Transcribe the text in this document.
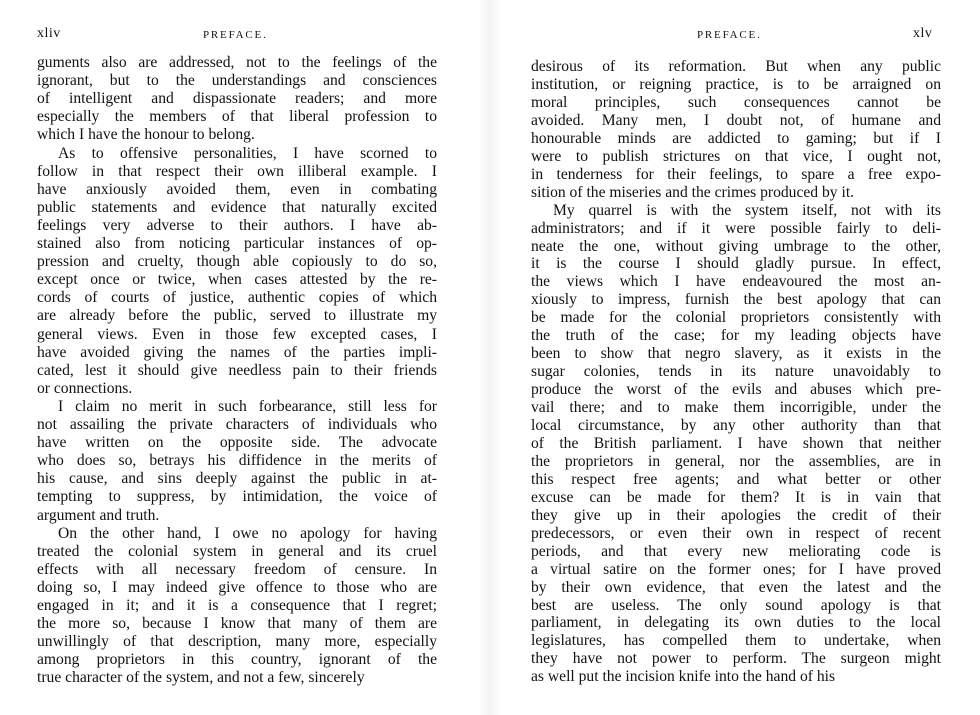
xliv	PREFACE.
guments also are addressed, not to the feelings of the
ignorant, but to the understandings and consciences
of intelligent and dispassionate readers; and more
especially the members of that liberal profession to
which I have the honour to belong.
As to offensive personalities, I have scorned to
follow in that respect their own illiberal example. I
have anxiously avoided them, even in combating
public statements and evidence that naturally excited
feelings very adverse to their authors. I have ab-
stained also from noticing particular instances of op-
pression and cruelty, though able copiously to do so,
except once or twice, when cases attested by the re-
cords of courts of justice, authentic copies of which
are already before the public, served to illustrate my
general views. Even in those few excepted cases, I
have avoided giving the names of the parties impli-
cated, lest it should give needless pain to their friends
or connections.
I claim no merit in such forbearance, still less for
not assailing the private characters of individuals who
have written on the opposite side. The advocate
who does so, betrays his diffidence in the merits of
his cause, and sins deeply against the public in at-
tempting to suppress, by intimidation, the voice of
argument and truth.
On the other hand, I owe no apology for having
treated the colonial system in general and its cruel
effects with all necessary freedom of censure. In
doing so, I may indeed give offence to those who are
engaged in it; and it is a consequence that I regret;
the more so, because I know that many of them are
unwillingly of that description, many more, especially
among proprietors in this country, ignorant of the
true character of the system, and not a few, sincerely
PREFACE.	xlv
desirous of its reformation. But when any public
institution, or reigning practice, is to be arraigned on
moral principles, such consequences cannot be
avoided. Many men, I doubt not, of humane and
honourable minds are addicted to gaming; but if I
were to publish strictures on that vice, I ought not,
in tenderness for their feelings, to spare a free expo-
sition of the miseries and the crimes produced by it.
My quarrel is with the system itself, not with its
administrators; and if it were possible fairly to deli-
neate the one, without giving umbrage to the other,
it is the course I should gladly pursue. In effect,
the views which I have endeavoured the most an-
xiously to impress, furnish the best apology that can
be made for the colonial proprietors consistently with
the truth of the case; for my leading objects have
been to show that negro slavery, as it exists in the
sugar colonies, tends in its nature unavoidably to
produce the worst of the evils and abuses which pre-
vail there; and to make them incorrigible, under the
local circumstance, by any other authority than that
of the British parliament. I have shown that neither
the proprietors in general, nor the assemblies, are in
this respect free agents; and what better or other
excuse can be made for them? It is in vain that
they give up in their apologies the credit of their
predecessors, or even their own in respect of recent
periods, and that every new meliorating code is
a virtual satire on the former ones; for I have proved
by their own evidence, that even the latest and the
best are useless. The only sound apology is that
parliament, in delegating its own duties to the local
legislatures, has compelled them to undertake, when
they have not power to perform. The surgeon might
as well put the incision knife into the hand of his
